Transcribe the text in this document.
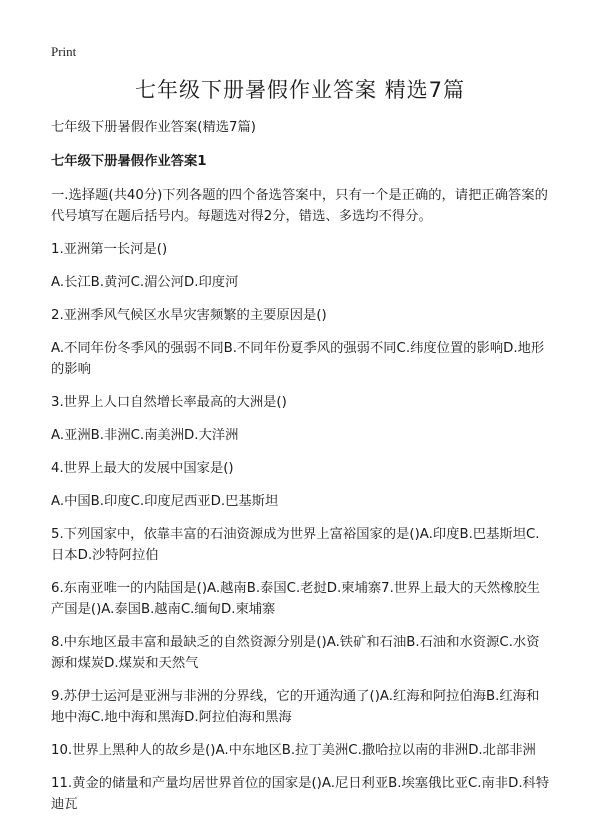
Print
七年级下册暑假作业答案 精选7篇
七年级下册暑假作业答案(精选7篇)
七年级下册暑假作业答案1
一.选择题(共40分)下列各题的四个备选答案中，只有一个是正确的，请把正确答案的代号填写在题后括号内。每题选对得2分，错选、多选均不得分。
1.亚洲第一长河是()
A.长江B.黄河C.湄公河D.印度河
2.亚洲季风气候区水旱灾害频繁的主要原因是()
A.不同年份冬季风的强弱不同B.不同年份夏季风的强弱不同C.纬度位置的影响D.地形的影响
3.世界上人口自然增长率最高的大洲是()
A.亚洲B.非洲C.南美洲D.大洋洲
4.世界上最大的发展中国家是()
A.中国B.印度C.印度尼西亚D.巴基斯坦
5.下列国家中，依靠丰富的石油资源成为世界上富裕国家的是()A.印度B.巴基斯坦C.日本D.沙特阿拉伯
6.东南亚唯一的内陆国是()A.越南B.泰国C.老挝D.柬埔寨7.世界上最大的天然橡胶生产国是()A.泰国B.越南C.缅甸D.柬埔寨
8.中东地区最丰富和最缺乏的自然资源分别是()A.铁矿和石油B.石油和水资源C.水资源和煤炭D.煤炭和天然气
9.苏伊士运河是亚洲与非洲的分界线，它的开通沟通了()A.红海和阿拉伯海B.红海和地中海C.地中海和黑海D.阿拉伯海和黑海
10.世界上黑种人的故乡是()A.中东地区B.拉丁美洲C.撒哈拉以南的非洲D.北部非洲
11.黄金的储量和产量均居世界首位的国家是()A.尼日利亚B.埃塞俄比亚C.南非D.科特迪瓦
